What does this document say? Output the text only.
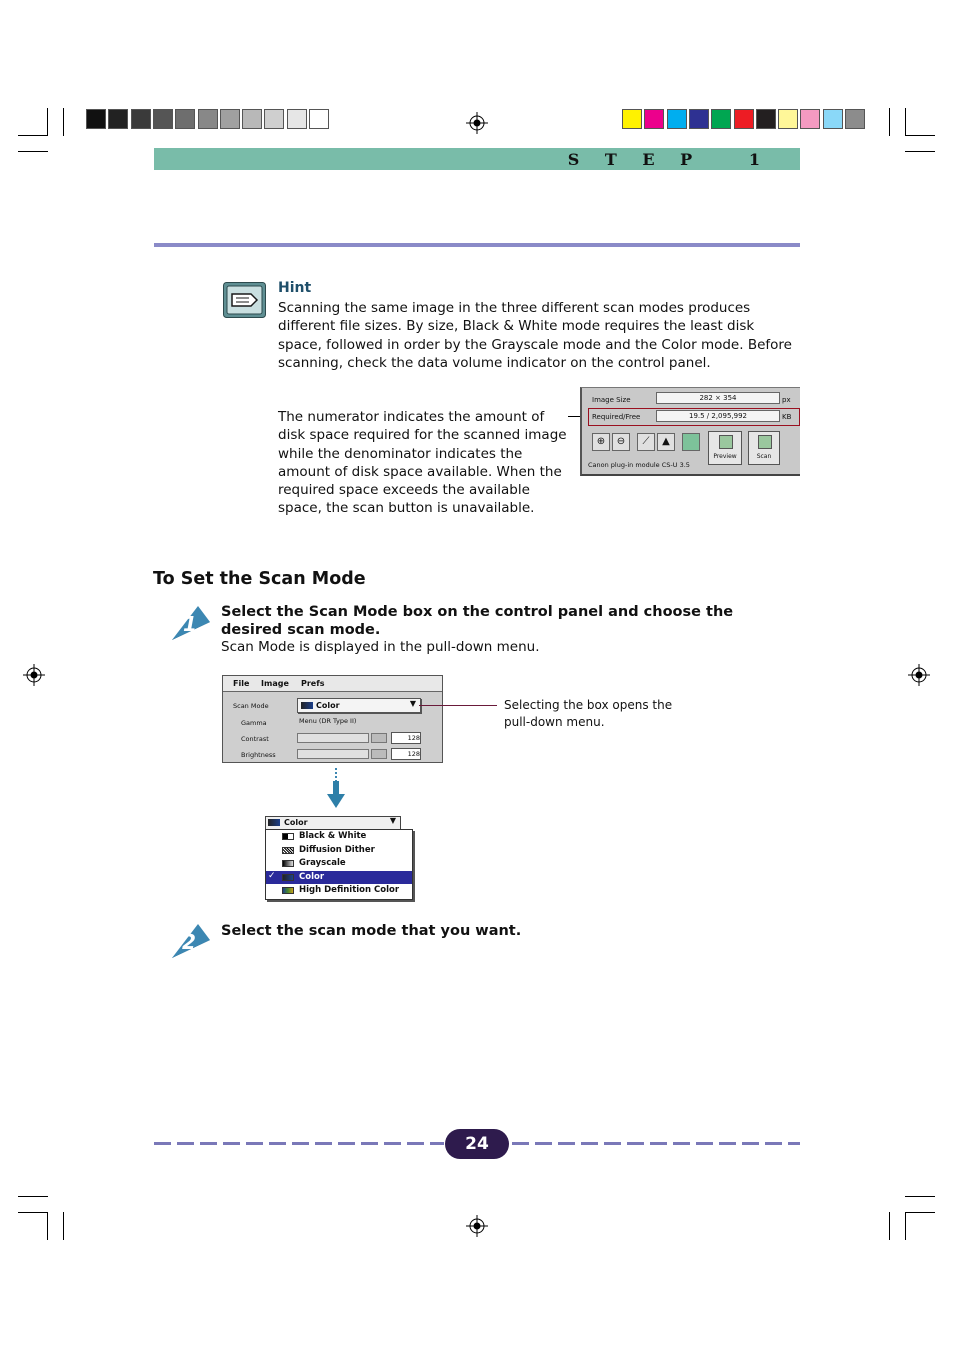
S T E P   1
Hint
Scanning the same image in the three different scan modes produces different file sizes. By size, Black & White mode requires the least disk space, followed in order by the Grayscale mode and the Color mode. Before scanning, check the data volume indicator on the control panel.
The numerator indicates the amount of disk space required for the scanned image while the denominator indicates the amount of disk space available. When the required space exceeds the available space, the scan button is unavailable.
Image Size	282 × 354	px
Required/Free	19.5 / 2,095,992	KB
⊕	⊖	⟋	▲
Preview	Scan
Canon plug-in module CS-U 3.5
To Set the Scan Mode
1 Select the Scan Mode box on the control panel and choose the desired scan mode.
Scan Mode is displayed in the pull-down menu.
File Image Prefs
Scan Mode	Color	▼
Gamma	Menu (DR Type II)
Contrast	128
Brightness	128
Selecting the box opens the pull-down menu.
Color	▼
Black & White
Diffusion Dither
Grayscale
✓	Color
High Definition Color
2 Select the scan mode that you want.
24
